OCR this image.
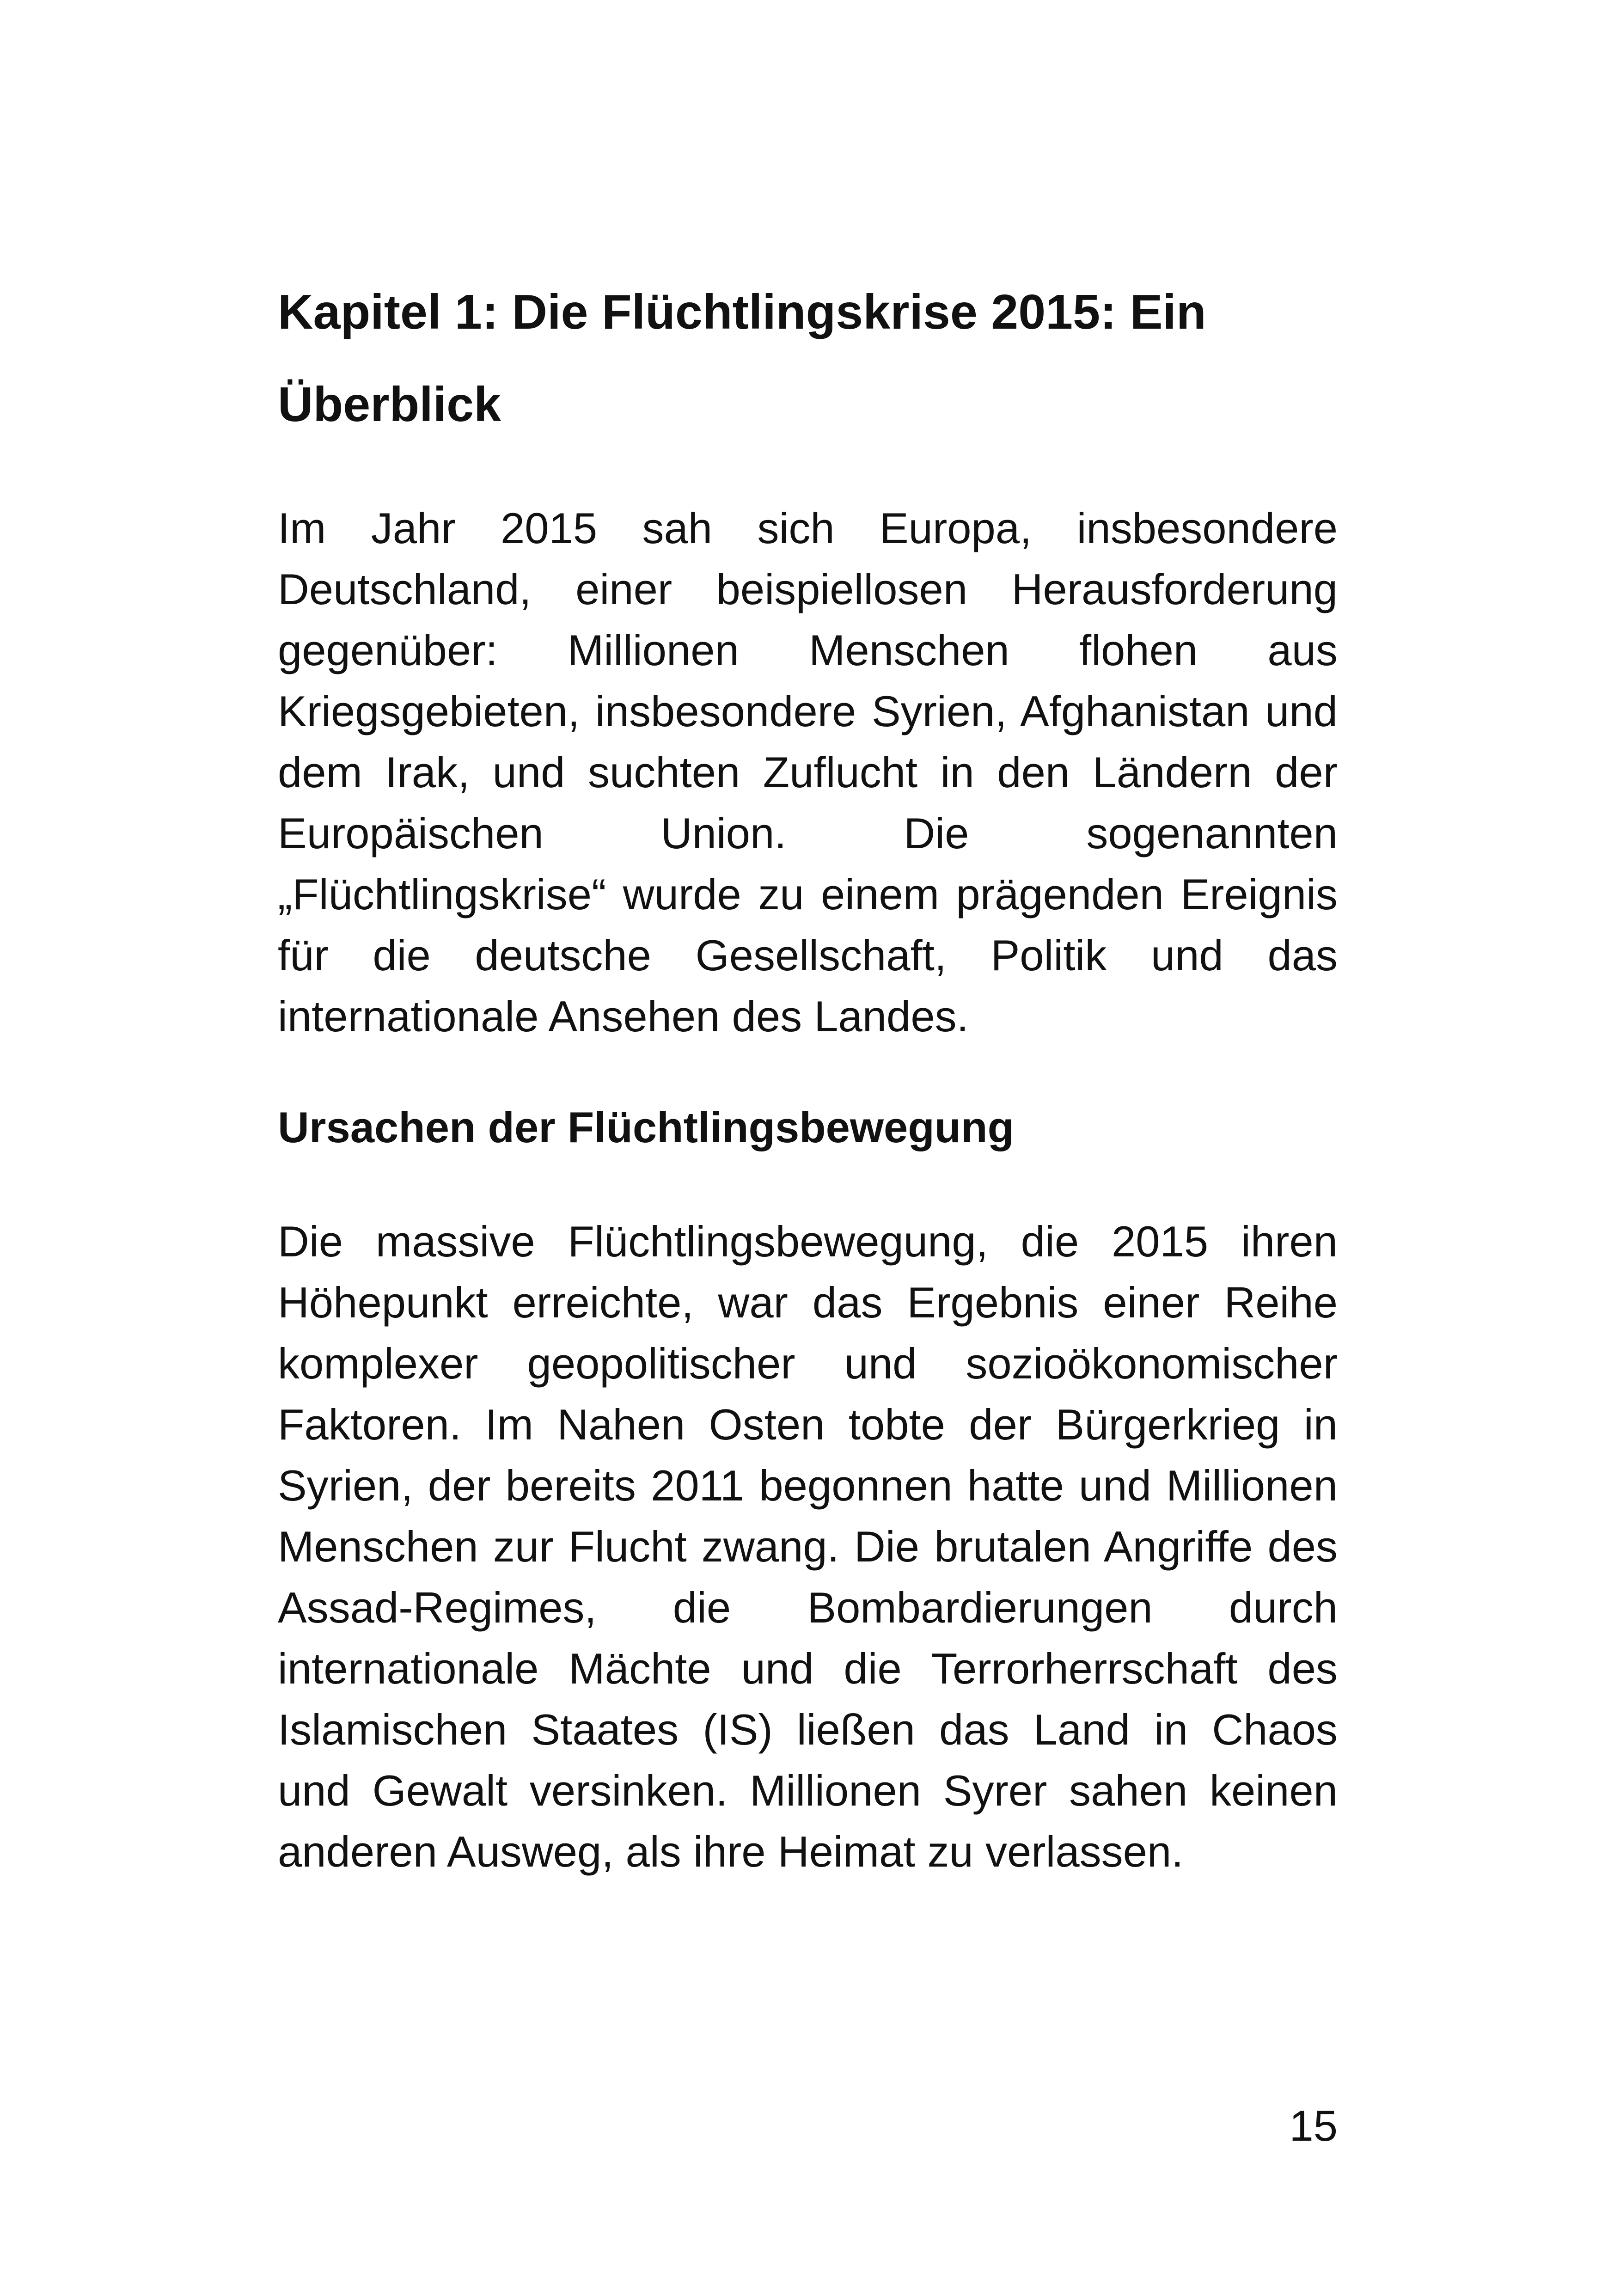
Kapitel 1: Die Flüchtlingskrise 2015: Ein Überblick

Im Jahr 2015 sah sich Europa, insbesondere Deutschland, einer beispiellosen Herausforderung gegenüber: Millionen Menschen flohen aus Kriegsgebieten, insbesondere Syrien, Afghanistan und dem Irak, und suchten Zuflucht in den Ländern der Europäischen Union. Die sogenannten „Flüchtlingskrise“ wurde zu einem prägenden Ereignis für die deutsche Gesellschaft, Politik und das internationale Ansehen des Landes.

Ursachen der Flüchtlingsbewegung

Die massive Flüchtlingsbewegung, die 2015 ihren Höhepunkt erreichte, war das Ergebnis einer Reihe komplexer geopolitischer und sozioökonomischer Faktoren. Im Nahen Osten tobte der Bürgerkrieg in Syrien, der bereits 2011 begonnen hatte und Millionen Menschen zur Flucht zwang. Die brutalen Angriffe des Assad-Regimes, die Bombardierungen durch internationale Mächte und die Terrorherrschaft des Islamischen Staates (IS) ließen das Land in Chaos und Gewalt versinken. Millionen Syrer sahen keinen anderen Ausweg, als ihre Heimat zu verlassen.

15
